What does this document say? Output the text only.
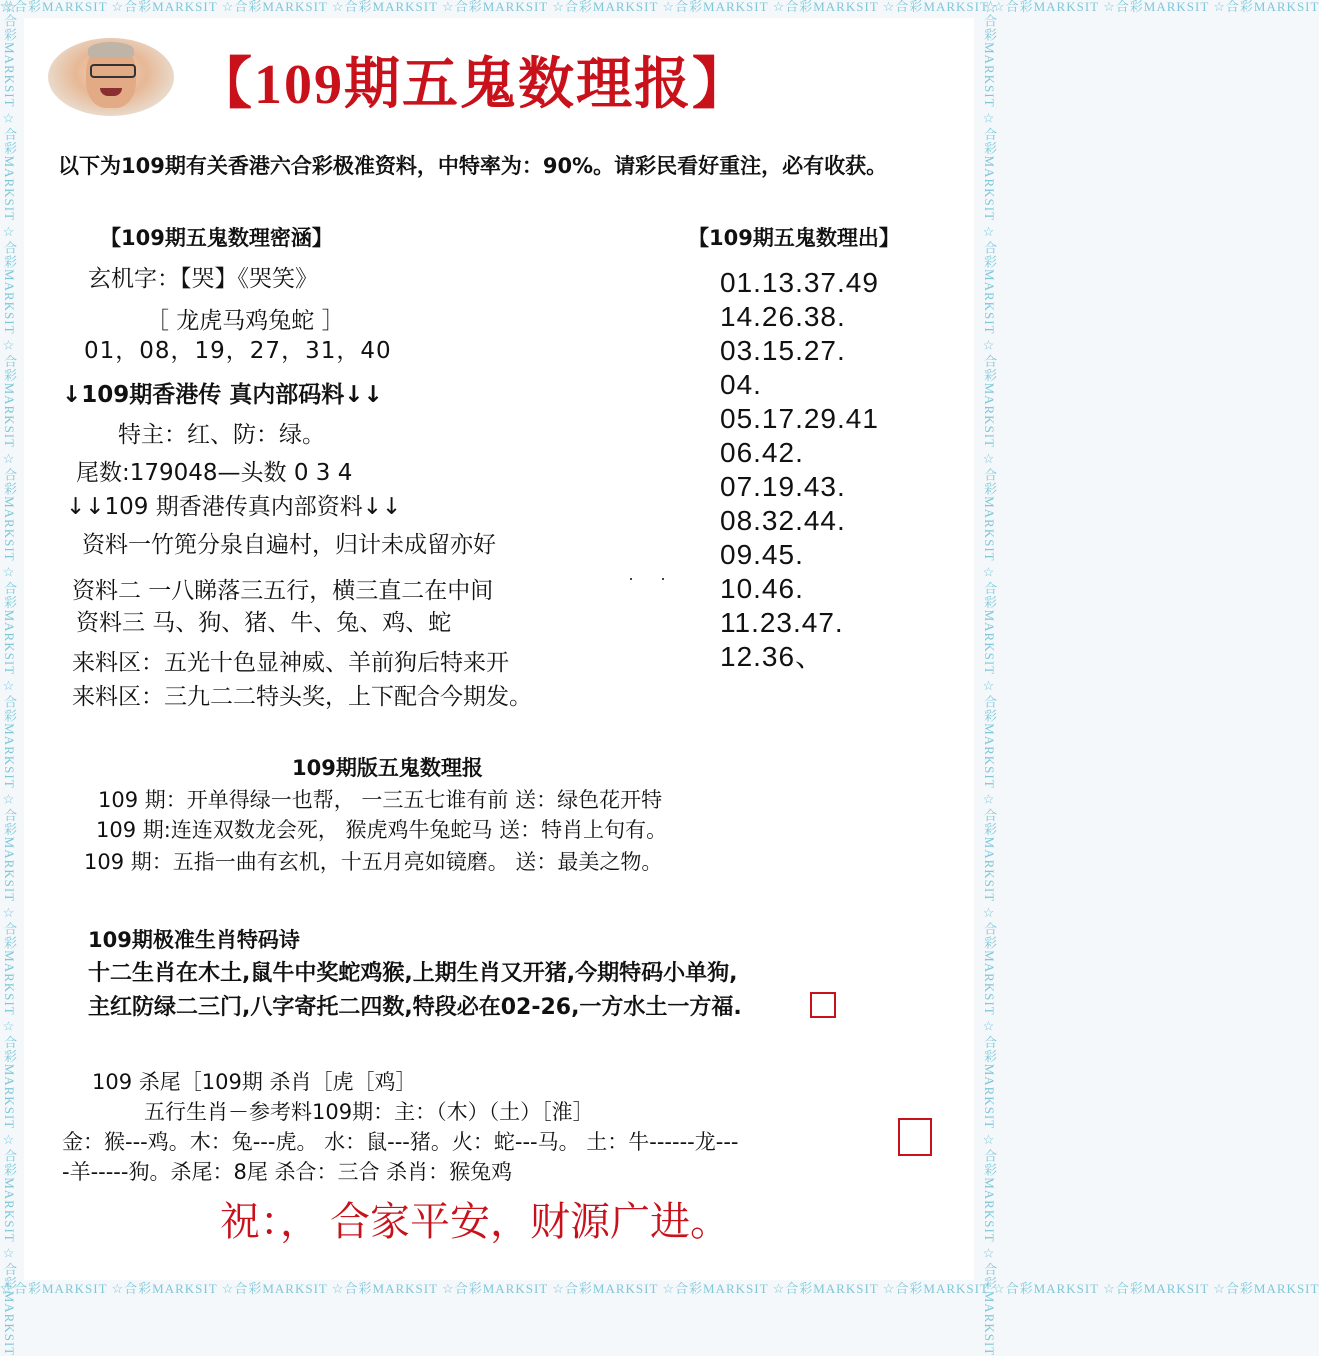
☆合彩MARKSIT ☆合彩MARKSIT ☆合彩MARKSIT ☆合彩MARKSIT ☆合彩MARKSIT ☆合彩MARKSIT ☆合彩MARKSIT ☆合彩MARKSIT ☆合彩MARKSIT ☆合彩MARKSIT ☆合彩MARKSIT ☆合彩MARKSIT
☆合彩MARKSIT ☆合彩MARKSIT ☆合彩MARKSIT ☆合彩MARKSIT ☆合彩MARKSIT ☆合彩MARKSIT ☆合彩MARKSIT ☆合彩MARKSIT ☆合彩MARKSIT ☆合彩MARKSIT ☆合彩MARKSIT ☆合彩MARKSIT
☆合彩MARKSIT ☆合彩MARKSIT ☆合彩MARKSIT ☆合彩MARKSIT ☆合彩MARKSIT ☆合彩MARKSIT ☆合彩MARKSIT ☆合彩MARKSIT ☆合彩MARKSIT ☆合彩MARKSIT ☆合彩MARKSIT ☆合彩MARKSIT	☆合彩MARKSIT ☆合彩MARKSIT ☆合彩MARKSIT ☆合彩MARKSIT ☆合彩MARKSIT ☆合彩MARKSIT ☆合彩MARKSIT ☆合彩MARKSIT ☆合彩MARKSIT ☆合彩MARKSIT ☆合彩MARKSIT ☆合彩MARKSIT
【109期五鬼数理报】
以下为109期有关香港六合彩极准资料，中特率为：90%。请彩民看好重注，必有收获。
【109期五鬼数理密涵】	【109期五鬼数理出】
玄机字：【哭】《哭笑》
［ 龙虎马鸡兔蛇 ］
01，08，19，27，31，40
↓109期香港传 真内部码料↓↓
特主：红、防：绿。
尾数:179048—头数 0 3 4
↓↓109 期香港传真内部资料↓↓
资料一竹篼分泉自遍村，归计未成留亦好
资料二 一八睇落三五行，横三直二在中间
资料三 马、狗、猪、牛、兔、鸡、蛇
来料区：五光十色显神威、羊前狗后特来开
来料区：三九二二特头奖，上下配合今期发。
01.13.37.49
14.26.38.
03.15.27.
04.
05.17.29.41
06.42.
07.19.43.
08.32.44.
09.45.
10.46.
11.23.47.
12.36、
109期版五鬼数理报
109 期：开单得绿一也帮， 一三五七谁有前 送：绿色花开特
109 期:连连双数龙会死， 猴虎鸡牛兔蛇马 送：特肖上句有。
109 期：五指一曲有玄机，十五月亮如镜磨。 送：最美之物。
109期极准生肖特码诗
十二生肖在木土,鼠牛中奖蛇鸡猴,上期生肖又开猪,今期特码小单狗,
主红防绿二三门,八字寄托二四数,特段必在02-26,一方水土一方福.
109 杀尾［109期 杀肖［虎［鸡］
五行生肖－参考料109期：主：（木）（土）［淮］
金：猴---鸡。木：兔---虎。 水：鼠---猪。火：蛇---马。 土：牛------龙---
-羊-----狗。杀尾：8尾 杀合：三合 杀肖：猴兔鸡
祝：， 合家平安，财源广进。
